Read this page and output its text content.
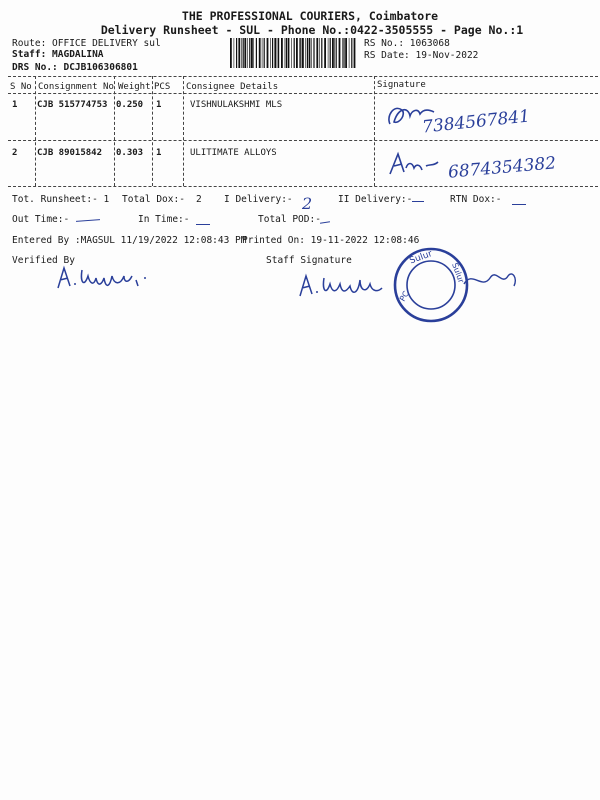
THE PROFESSIONAL COURIERS, Coimbatore
Delivery Runsheet - SUL - Phone No.:0422-3505555 - Page No.:1
Route: OFFICE DELIVERY sul
Staff: MAGDALINA
DRS No.: DCJB106306801
RS No.: 1063068
RS Date: 19-Nov-2022
S No Consignment No Weight PCS Consignee Details	Signature
1 CJB 515774753 0.250 1	VISHNULAKSHMI MLS
7384567841
2 CJB 89015842 0.303 1	ULITIMATE ALLOYS
6874354382
Tot. Runsheet:- 1 Total Dox:- 2 I Delivery:- 2	II Delivery:-	RTN Dox:-
Out Time:-	In Time:-	Total POD:-
Entered By :MAGSUL 11/19/2022 12:08:43 PM
Printed On: 19-11-2022 12:08:46
Verified By	Staff Signature	Sulur
PC
Sulur
